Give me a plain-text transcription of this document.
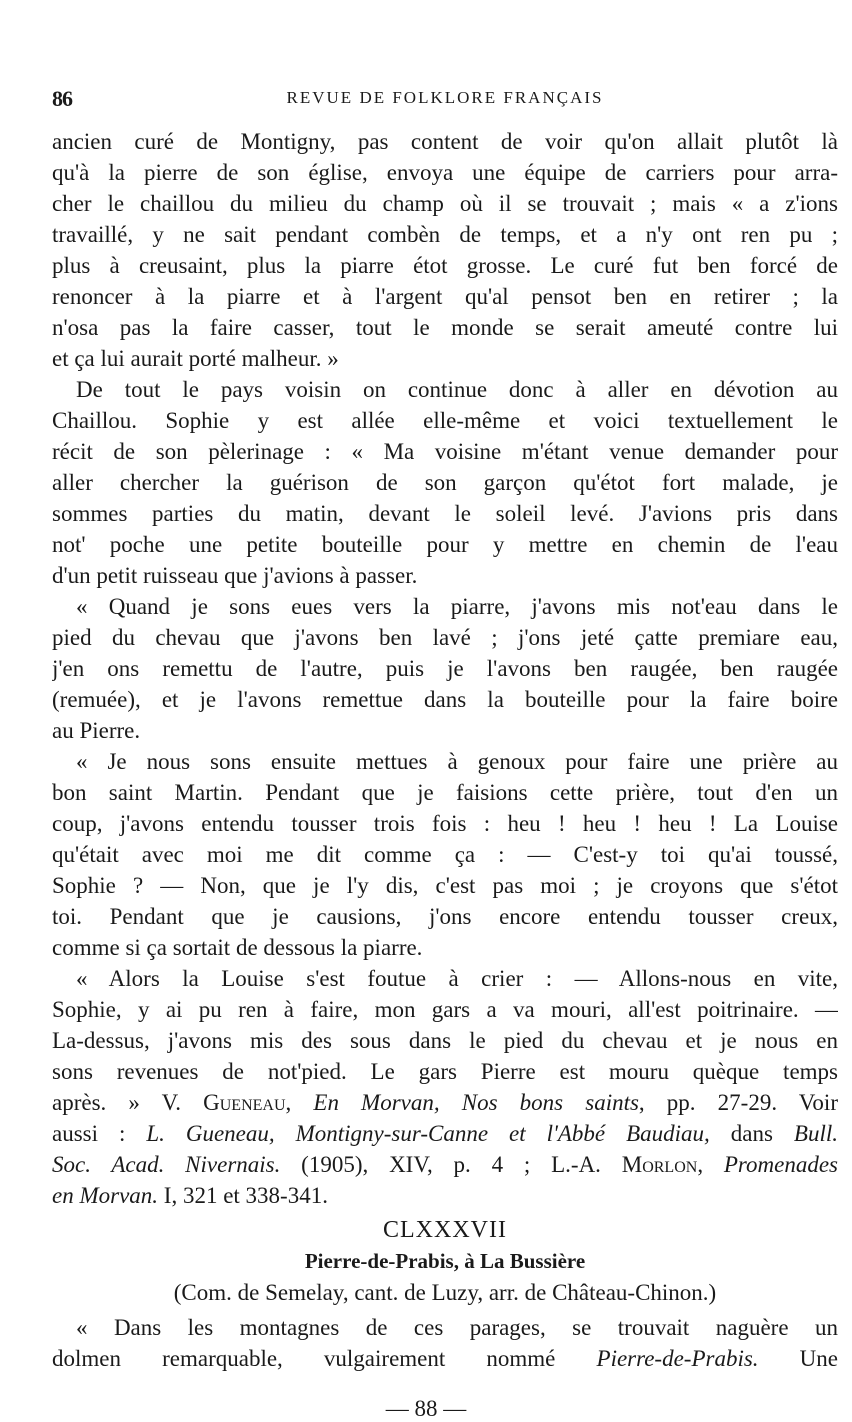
86	REVUE DE FOLKLORE FRANÇAIS
ancien curé de Montigny, pas content de voir qu'on allait plutôt là
qu'à la pierre de son église, envoya une équipe de carriers pour arra-
cher le chaillou du milieu du champ où il se trouvait ; mais « a z'ions
travaillé, y ne sait pendant combèn de temps, et a n'y ont ren pu ;
plus à creusaint, plus la piarre étot grosse. Le curé fut ben forcé de
renoncer à la piarre et à l'argent qu'al pensot ben en retirer ; la
n'osa pas la faire casser, tout le monde se serait ameuté contre lui
et ça lui aurait porté malheur. »
De tout le pays voisin on continue donc à aller en dévotion au
Chaillou. Sophie y est allée elle-même et voici textuellement le
récit de son pèlerinage : « Ma voisine m'étant venue demander pour
aller chercher la guérison de son garçon qu'étot fort malade, je
sommes parties du matin, devant le soleil levé. J'avions pris dans
not' poche une petite bouteille pour y mettre en chemin de l'eau
d'un petit ruisseau que j'avions à passer.
« Quand je sons eues vers la piarre, j'avons mis not'eau dans le
pied du chevau que j'avons ben lavé ; j'ons jeté çatte premiare eau,
j'en ons remettu de l'autre, puis je l'avons ben raugée, ben raugée
(remuée), et je l'avons remettue dans la bouteille pour la faire boire
au Pierre.
« Je nous sons ensuite mettues à genoux pour faire une prière au
bon saint Martin. Pendant que je faisions cette prière, tout d'en un
coup, j'avons entendu tousser trois fois : heu ! heu ! heu ! La Louise
qu'était avec moi me dit comme ça : — C'est-y toi qu'ai toussé,
Sophie ? — Non, que je l'y dis, c'est pas moi ; je croyons que s'étot
toi. Pendant que je causions, j'ons encore entendu tousser creux,
comme si ça sortait de dessous la piarre.
« Alors la Louise s'est foutue à crier : — Allons-nous en vite,
Sophie, y ai pu ren à faire, mon gars a va mouri, all'est poitrinaire. —
La-dessus, j'avons mis des sous dans le pied du chevau et je nous en
sons revenues de not'pied. Le gars Pierre est mouru quèque temps
après. » V. Gueneau, En Morvan, Nos bons saints, pp. 27-29. Voir
aussi : L. Gueneau, Montigny-sur-Canne et l'Abbé Baudiau, dans Bull.
Soc. Acad. Nivernais. (1905), XIV, p. 4 ; L.-A. Morlon, Promenades
en Morvan. I, 321 et 338-341.
CLXXXVII
Pierre-de-Prabis, à La Bussière
(Com. de Semelay, cant. de Luzy, arr. de Château-Chinon.)
« Dans les montagnes de ces parages, se trouvait naguère un
dolmen remarquable, vulgairement nommé Pierre-de-Prabis. Une
— 88 —
